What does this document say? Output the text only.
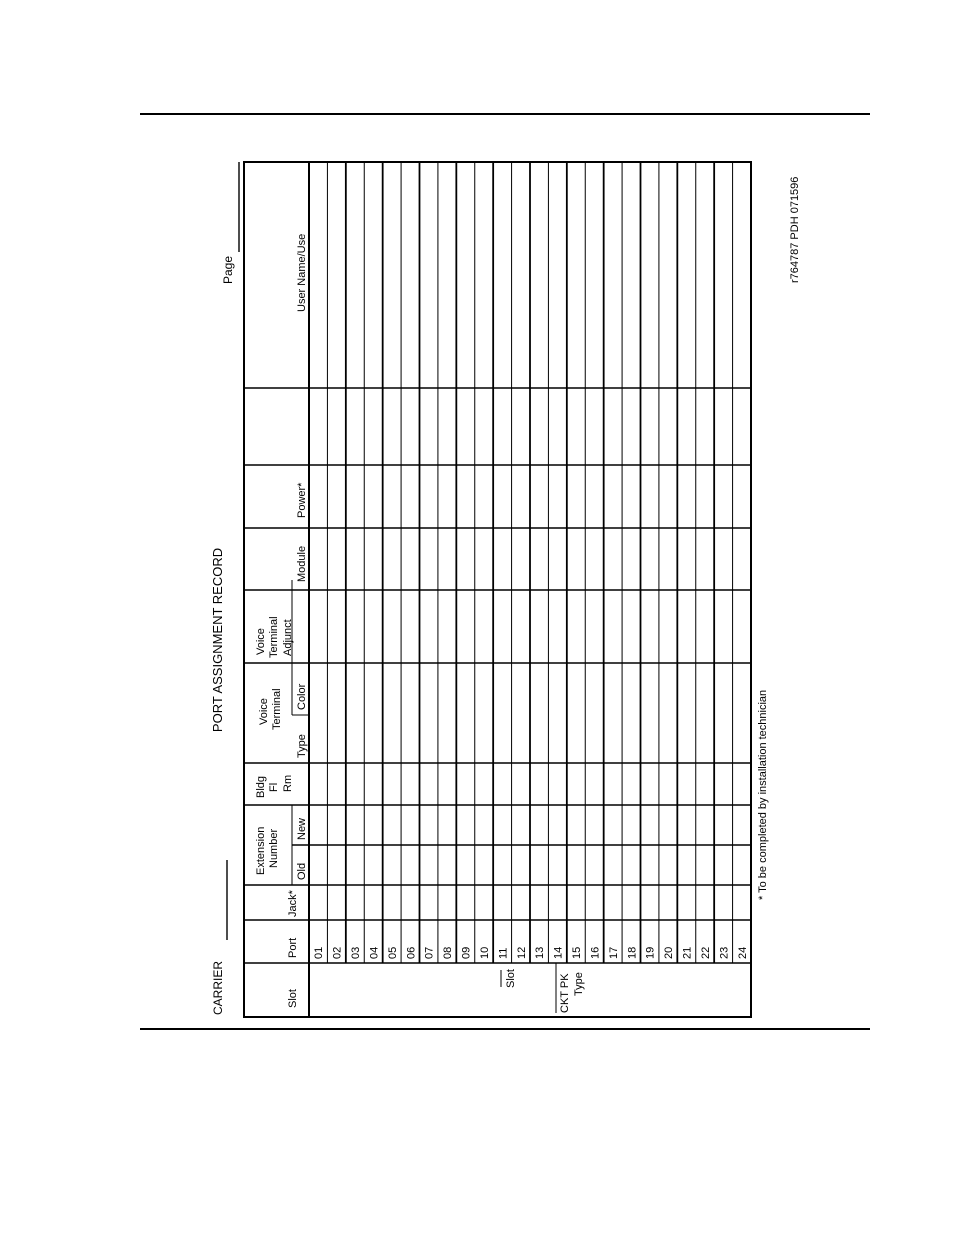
PORT ASSIGNMENT RECORD
CARRIER
Page
Slot
Port
Jack*
Extension Number
Old
New
Bldg Fl Rm
Voice Terminal
Type
Color
Voice Terminal Adjunct
Module
Power*
User Name/Use
Slot	CKT PK Type
01 02 03 04 05 06 07 08 09 10 11 12 13 14 15 16 17 18 19 20 21 22 23 24
* To be completed by installation technician
r764787 PDH 071596
